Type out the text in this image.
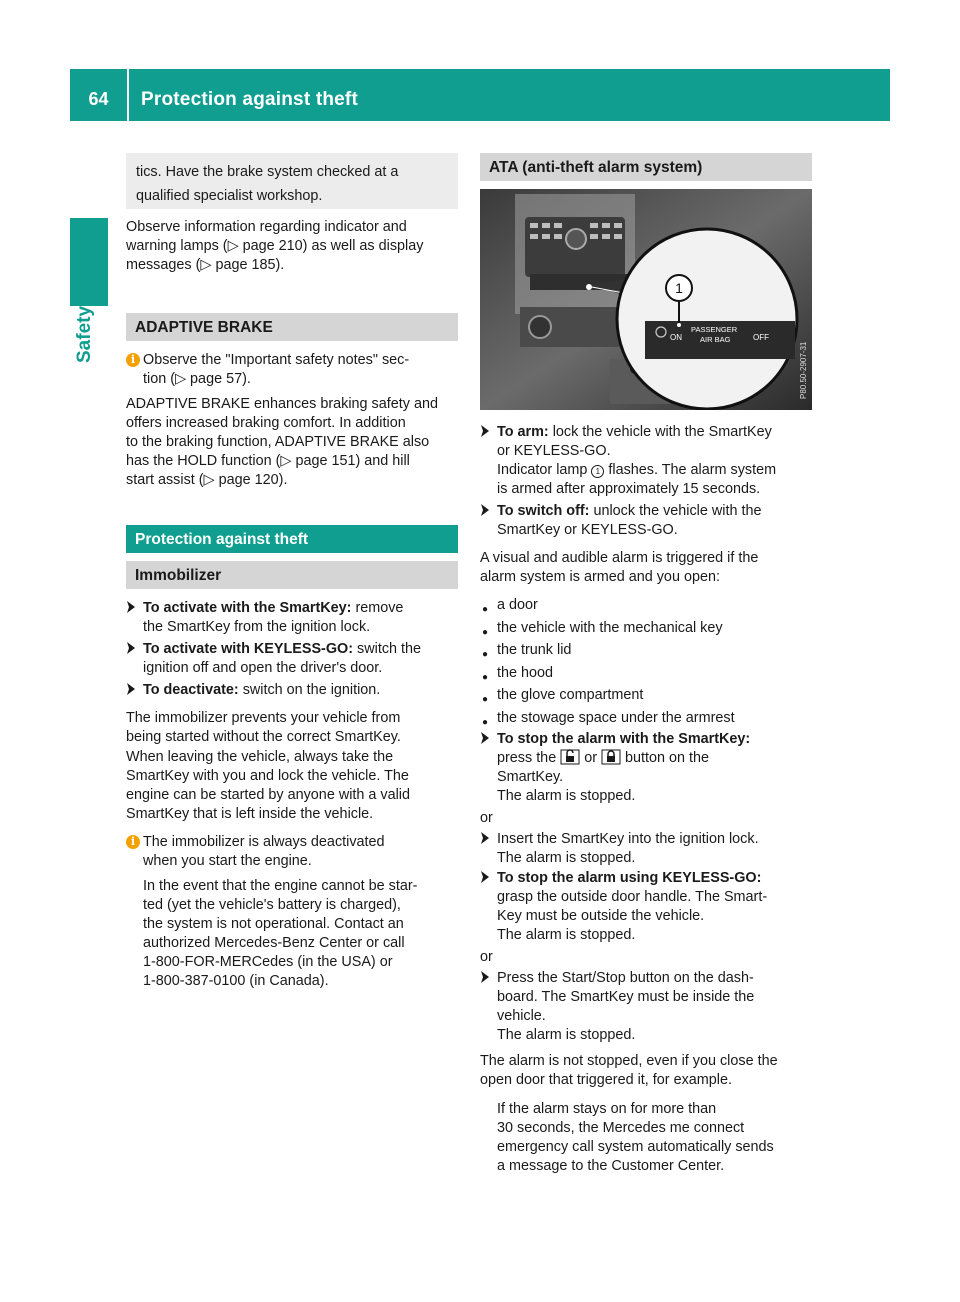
64	Protection against theft
Safety
tics. Have the brake system checked at a
qualified specialist workshop.
Observe information regarding indicator and
warning lamps (▷ page 210) as well as display
messages (▷ page 185).
ADAPTIVE BRAKE
i Observe the "Important safety notes" sec-
tion (▷ page 57).
ADAPTIVE BRAKE enhances braking safety and
offers increased braking comfort. In addition
to the braking function, ADAPTIVE BRAKE also
has the HOLD function (▷ page 151) and hill
start assist (▷ page 120).
Protection against theft
Immobilizer
To activate with the SmartKey: remove
the SmartKey from the ignition lock.
To activate with KEYLESS-GO: switch the
ignition off and open the driver's door.
To deactivate: switch on the ignition.
The immobilizer prevents your vehicle from
being started without the correct SmartKey.
When leaving the vehicle, always take the
SmartKey with you and lock the vehicle. The
engine can be started by anyone with a valid
SmartKey that is left inside the vehicle.
i The immobilizer is always deactivated
when you start the engine.
In the event that the engine cannot be star-
ted (yet the vehicle's battery is charged),
the system is not operational. Contact an
authorized Mercedes-Benz Center or call
1-800-FOR-MERCedes (in the USA) or
1-800-387-0100 (in Canada).
ATA (anti-theft alarm system)
1
ON
PASSENGER
AIR BAG	OFF
P80.50-2907-31
To arm: lock the vehicle with the SmartKey
or KEYLESS-GO.
Indicator lamp 1 flashes. The alarm system
is armed after approximately 15 seconds.
To switch off: unlock the vehicle with the
SmartKey or KEYLESS-GO.
A visual and audible alarm is triggered if the
alarm system is armed and you open:
● a door
● the vehicle with the mechanical key
● the trunk lid
● the hood
● the glove compartment
● the stowage space under the armrest
To stop the alarm with the SmartKey:
press the  or  button on the
SmartKey.
The alarm is stopped.
or
Insert the SmartKey into the ignition lock.
The alarm is stopped.
To stop the alarm using KEYLESS-GO:
grasp the outside door handle. The Smart-
Key must be outside the vehicle.
The alarm is stopped.
or
Press the Start/Stop button on the dash-
board. The SmartKey must be inside the
vehicle.
The alarm is stopped.
The alarm is not stopped, even if you close the
open door that triggered it, for example.
If the alarm stays on for more than
30 seconds, the Mercedes me connect
emergency call system automatically sends
a message to the Customer Center.
